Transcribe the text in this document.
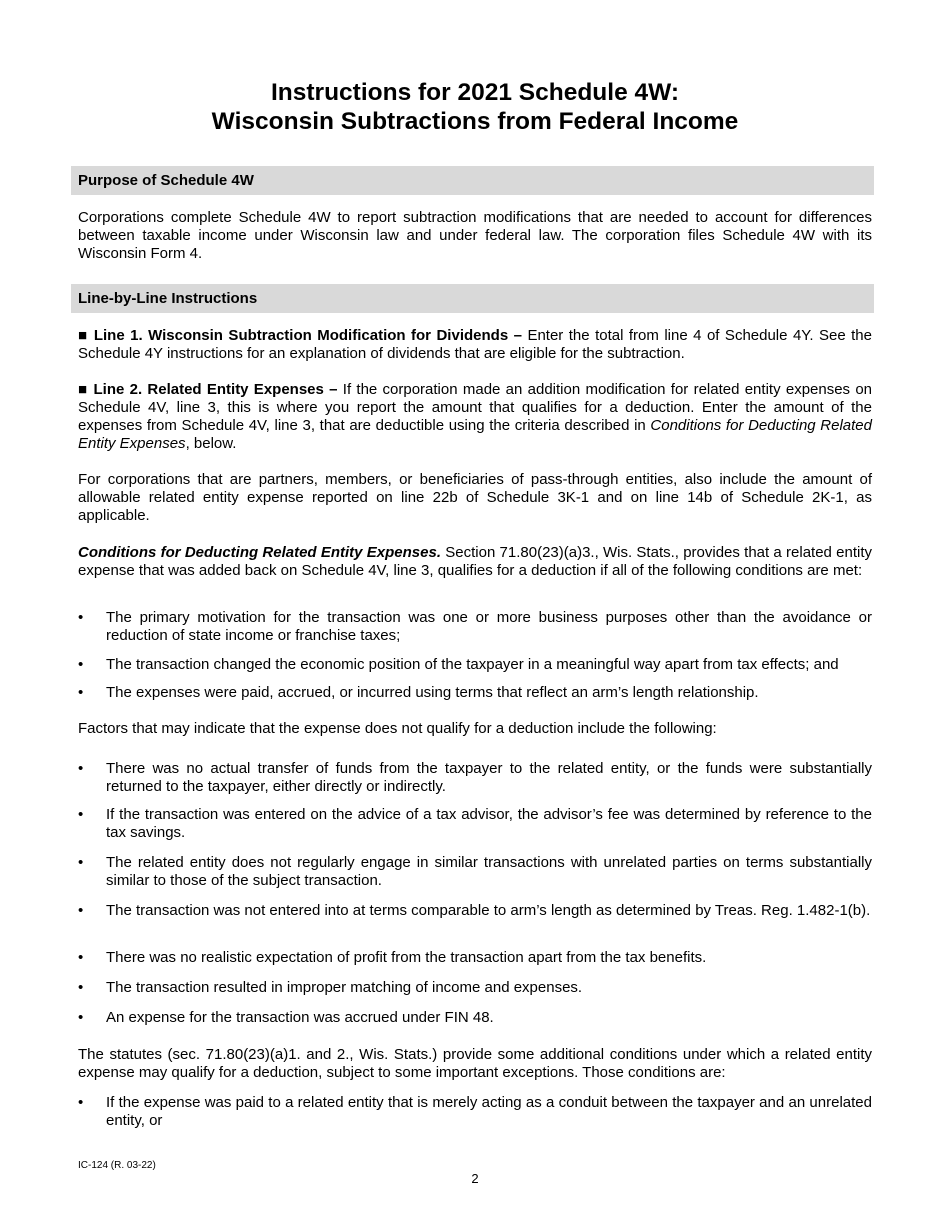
Instructions for 2021 Schedule 4W:
Wisconsin Subtractions from Federal Income
Purpose of Schedule 4W
Corporations complete Schedule 4W to report subtraction modifications that are needed to account for differences between taxable income under Wisconsin law and under federal law. The corporation files Schedule 4W with its Wisconsin Form 4.
Line-by-Line Instructions
■ Line 1. Wisconsin Subtraction Modification for Dividends – Enter the total from line 4 of Schedule 4Y. See the Schedule 4Y instructions for an explanation of dividends that are eligible for the subtraction.
■ Line 2. Related Entity Expenses – If the corporation made an addition modification for related entity expenses on Schedule 4V, line 3, this is where you report the amount that qualifies for a deduction. Enter the amount of the expenses from Schedule 4V, line 3, that are deductible using the criteria described in Conditions for Deducting Related Entity Expenses, below.
For corporations that are partners, members, or beneficiaries of pass-through entities, also include the amount of allowable related entity expense reported on line 22b of Schedule 3K-1 and on line 14b of Schedule 2K-1, as applicable.
Conditions for Deducting Related Entity Expenses. Section 71.80(23)(a)3., Wis. Stats., provides that a related entity expense that was added back on Schedule 4V, line 3, qualifies for a deduction if all of the following conditions are met:
•	The primary motivation for the transaction was one or more business purposes other than the avoidance or reduction of state income or franchise taxes;
•	The transaction changed the economic position of the taxpayer in a meaningful way apart from tax effects; and
•	The expenses were paid, accrued, or incurred using terms that reflect an arm’s length relationship.
Factors that may indicate that the expense does not qualify for a deduction include the following:
•	There was no actual transfer of funds from the taxpayer to the related entity, or the funds were substantially returned to the taxpayer, either directly or indirectly.
•	If the transaction was entered on the advice of a tax advisor, the advisor’s fee was determined by reference to the tax savings.
•	The related entity does not regularly engage in similar transactions with unrelated parties on terms substantially similar to those of the subject transaction.
•	The transaction was not entered into at terms comparable to arm’s length as determined by Treas. Reg. 1.482-1(b).
•	There was no realistic expectation of profit from the transaction apart from the tax benefits.
•	The transaction resulted in improper matching of income and expenses.
•	An expense for the transaction was accrued under FIN 48.
The statutes (sec. 71.80(23)(a)1. and 2., Wis. Stats.) provide some additional conditions under which a related entity expense may qualify for a deduction, subject to some important exceptions. Those conditions are:
•	If the expense was paid to a related entity that is merely acting as a conduit between the taxpayer and an unrelated entity, or
IC-124 (R. 03-22)
2
